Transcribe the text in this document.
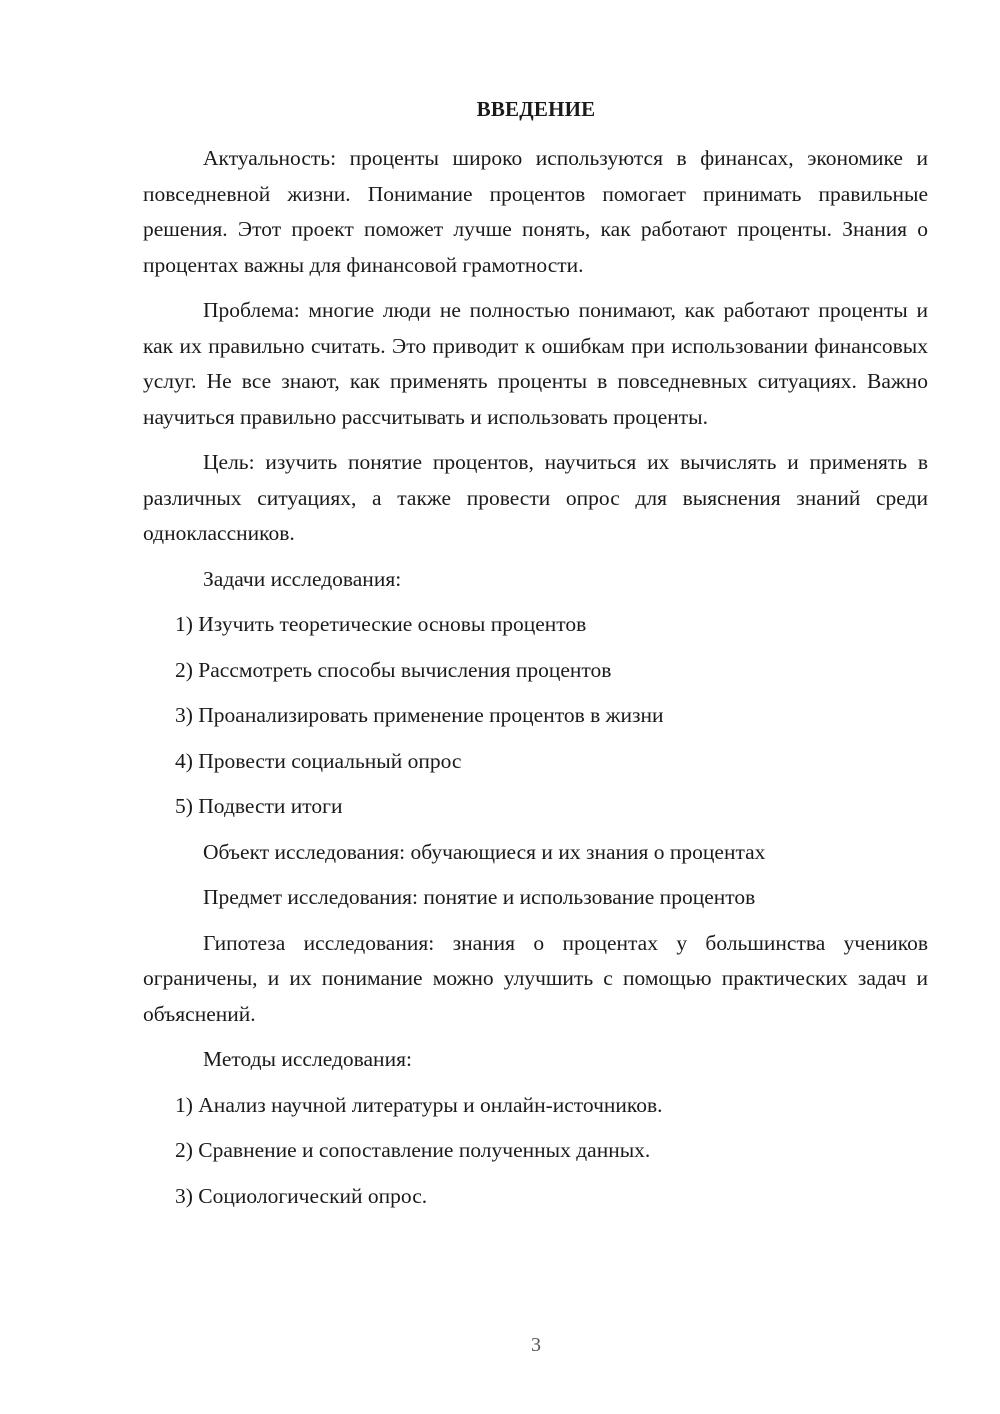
ВВЕДЕНИЕ

Актуальность: проценты широко используются в финансах, экономике и повседневной жизни. Понимание процентов помогает принимать правильные решения. Этот проект поможет лучше понять, как работают проценты. Знания о процентах важны для финансовой грамотности.

Проблема: многие люди не полностью понимают, как работают проценты и как их правильно считать. Это приводит к ошибкам при использовании финансовых услуг. Не все знают, как применять проценты в повседневных ситуациях. Важно научиться правильно рассчитывать и использовать проценты.

Цель: изучить понятие процентов, научиться их вычислять и применять в различных ситуациях, а также провести опрос для выяснения знаний среди одноклассников.

Задачи исследования:

1) Изучить теоретические основы процентов

2) Рассмотреть способы вычисления процентов

3) Проанализировать применение процентов в жизни

4) Провести социальный опрос

5) Подвести итоги

Объект исследования: обучающиеся и их знания о процентах

Предмет исследования: понятие и использование процентов

Гипотеза исследования: знания о процентах у большинства учеников ограничены, и их понимание можно улучшить с помощью практических задач и объяснений.

Методы исследования:

1) Анализ научной литературы и онлайн-источников.

2) Сравнение и сопоставление полученных данных.

3) Социологический опрос.

3
